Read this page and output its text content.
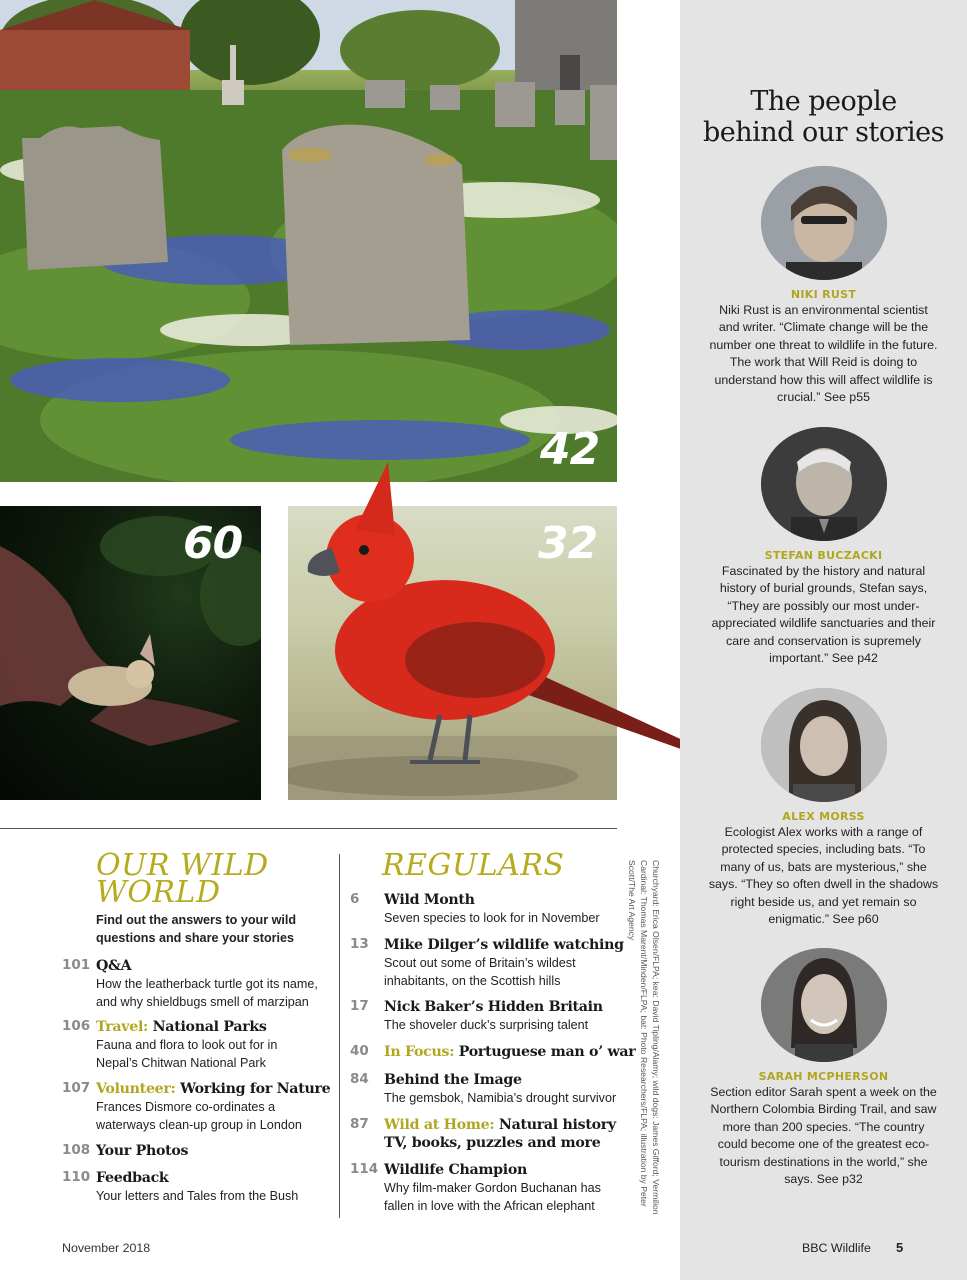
42
60	32
The people
behind our stories
NIKI RUST
Niki Rust is an environmental scientist and writer. “Climate change will be the number one threat to wildlife in the future. The work that Will Reid is doing to understand how this will affect wildlife is crucial.” See p55
STEFAN BUCZACKI
Fascinated by the history and natural history of burial grounds, Stefan says, “They are possibly our most under-appreciated wildlife sanctuaries and their care and conservation is supremely important.” See p42
ALEX MORSS
Ecologist Alex works with a range of protected species, including bats. “To many of us, bats are mysterious,” she says. “They so often dwell in the shadows right beside us, and yet remain so enigmatic.” See p60
SARAH MCPHERSON
Section editor Sarah spent a week on the Northern Colombia Birding Trail, and saw more than 200 species. “The country could become one of the greatest eco-tourism destinations in the world,” she says. See p32
OUR WILD
WORLD
Find out the answers to your wild questions and share your stories
101 Q&A
How the leatherback turtle got its name, and why shieldbugs smell of marzipan
106 Travel: National Parks
Fauna and flora to look out for in Nepal’s Chitwan National Park
107 Volunteer: Working for Nature
Frances Dismore co-ordinates a waterways clean-up group in London
108 Your Photos
110 Feedback
Your letters and Tales from the Bush
REGULARS
6 Wild Month
Seven species to look for in November
13 Mike Dilger’s wildlife watching
Scout out some of Britain’s wildest inhabitants, on the Scottish hills
17 Nick Baker’s Hidden Britain
The shoveler duck’s surprising talent
40 In Focus: Portuguese man o’ war
84 Behind the Image
The gemsbok, Namibia’s drought survivor
87 Wild at Home: Natural history
TV, books, puzzles and more
114 Wildlife Champion
Why film-maker Gordon Buchanan has fallen in love with the African elephant	Churchyard: Erica Olsen/FLPA; kea: David Tipling/Alamy; wild dogs: James Gifford; Vermilion Cardinal: Thomas Marent/Minden/FLPA; bat: Photo Researchers/FLPA; illustration by Peter Scott/The Art Agency
November 2018	BBC Wildlife 5
